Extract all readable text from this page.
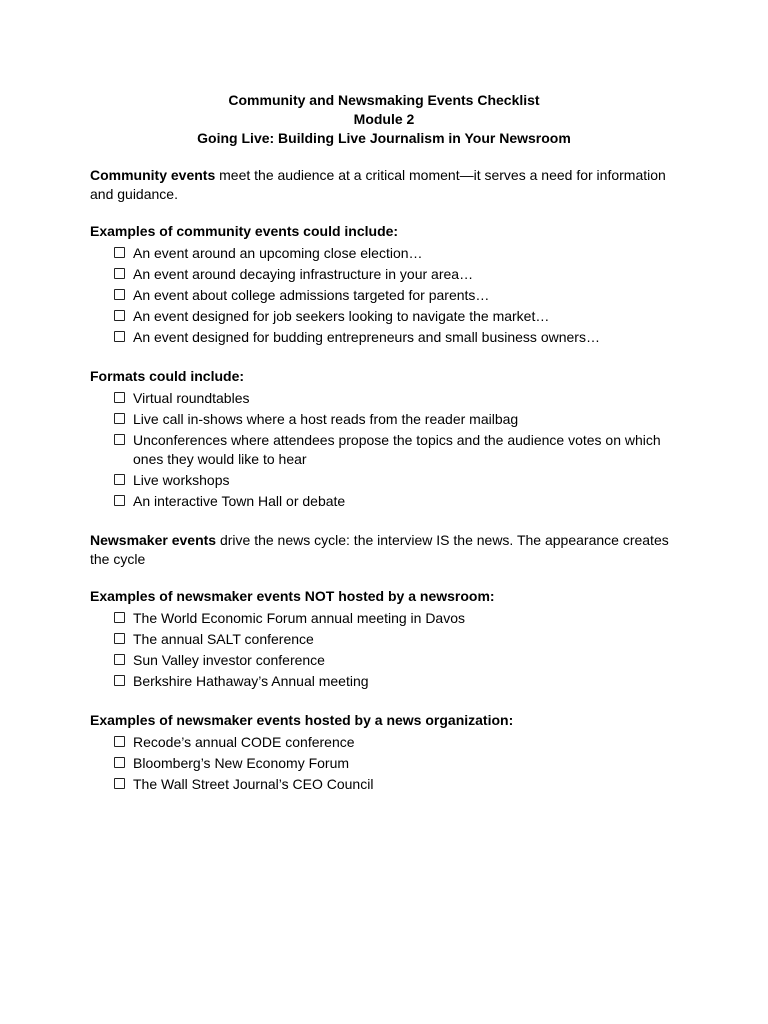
Community and Newsmaking Events Checklist
Module 2
Going Live: Building Live Journalism in Your Newsroom

Community events meet the audience at a critical moment—it serves a need for information and guidance.

Examples of community events could include:
An event around an upcoming close election…
An event around decaying infrastructure in your area…
An event about college admissions targeted for parents…
An event designed for job seekers looking to navigate the market…
An event designed for budding entrepreneurs and small business owners…
Formats could include:
Virtual roundtables
Live call in-shows where a host reads from the reader mailbag
Unconferences where attendees propose the topics and the audience votes on which ones they would like to hear
Live workshops
An interactive Town Hall or debate

Newsmaker events drive the news cycle: the interview IS the news. The appearance creates the cycle

Examples of newsmaker events NOT hosted by a newsroom:
The World Economic Forum annual meeting in Davos
The annual SALT conference
Sun Valley investor conference
Berkshire Hathaway’s Annual meeting
Examples of newsmaker events hosted by a news organization:
Recode’s annual CODE conference
Bloomberg’s New Economy Forum
The Wall Street Journal’s CEO Council
